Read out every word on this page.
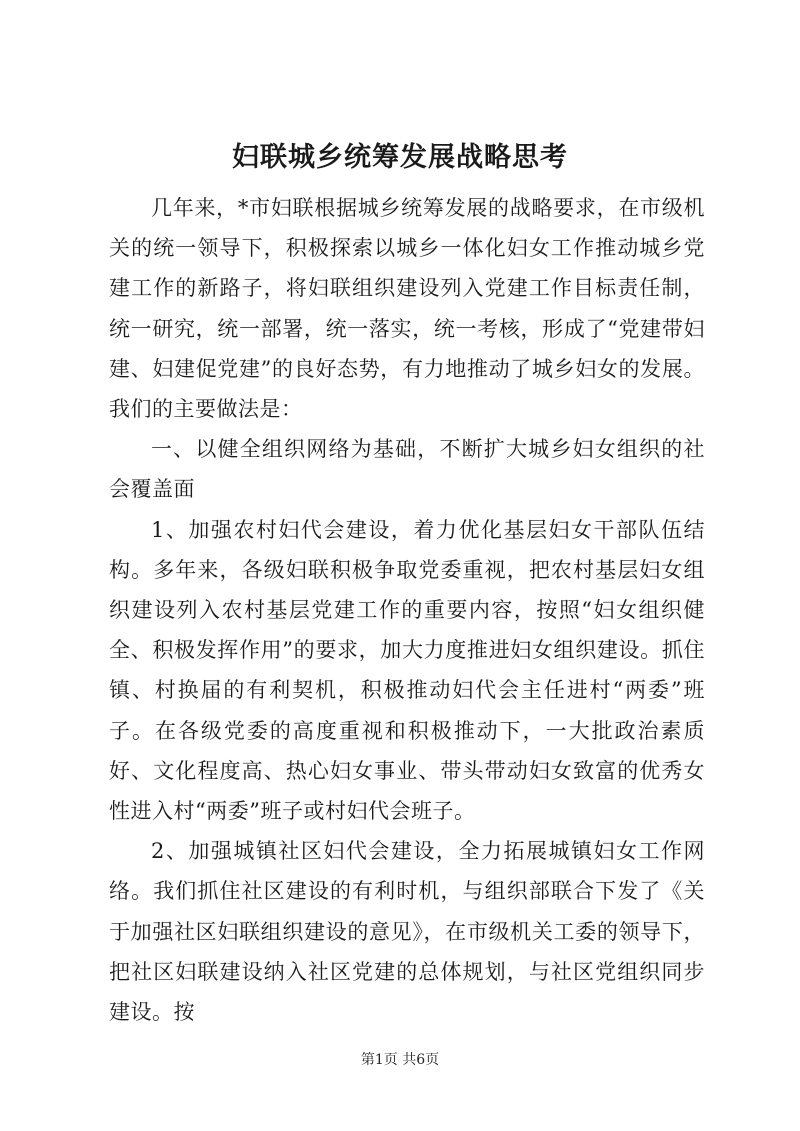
妇联城乡统筹发展战略思考

几年来，*市妇联根据城乡统筹发展的战略要求，在市级机关的统一领导下，积极探索以城乡一体化妇女工作推动城乡党建工作的新路子，将妇联组织建设列入党建工作目标责任制，统一研究，统一部署，统一落实，统一考核，形成了“党建带妇建、妇建促党建”的良好态势，有力地推动了城乡妇女的发展。我们的主要做法是：

一、以健全组织网络为基础，不断扩大城乡妇女组织的社会覆盖面

1、加强农村妇代会建设，着力优化基层妇女干部队伍结构。多年来，各级妇联积极争取党委重视，把农村基层妇女组织建设列入农村基层党建工作的重要内容，按照“妇女组织健全、积极发挥作用”的要求，加大力度推进妇女组织建设。抓住镇、村换届的有利契机，积极推动妇代会主任进村“两委”班子。在各级党委的高度重视和积极推动下，一大批政治素质好、文化程度高、热心妇女事业、带头带动妇女致富的优秀女性进入村“两委”班子或村妇代会班子。

2、加强城镇社区妇代会建设，全力拓展城镇妇女工作网络。我们抓住社区建设的有利时机，与组织部联合下发了《关于加强社区妇联组织建设的意见》，在市级机关工委的领导下，把社区妇联建设纳入社区党建的总体规划，与社区党组织同步建设。按

第1页 共6页
